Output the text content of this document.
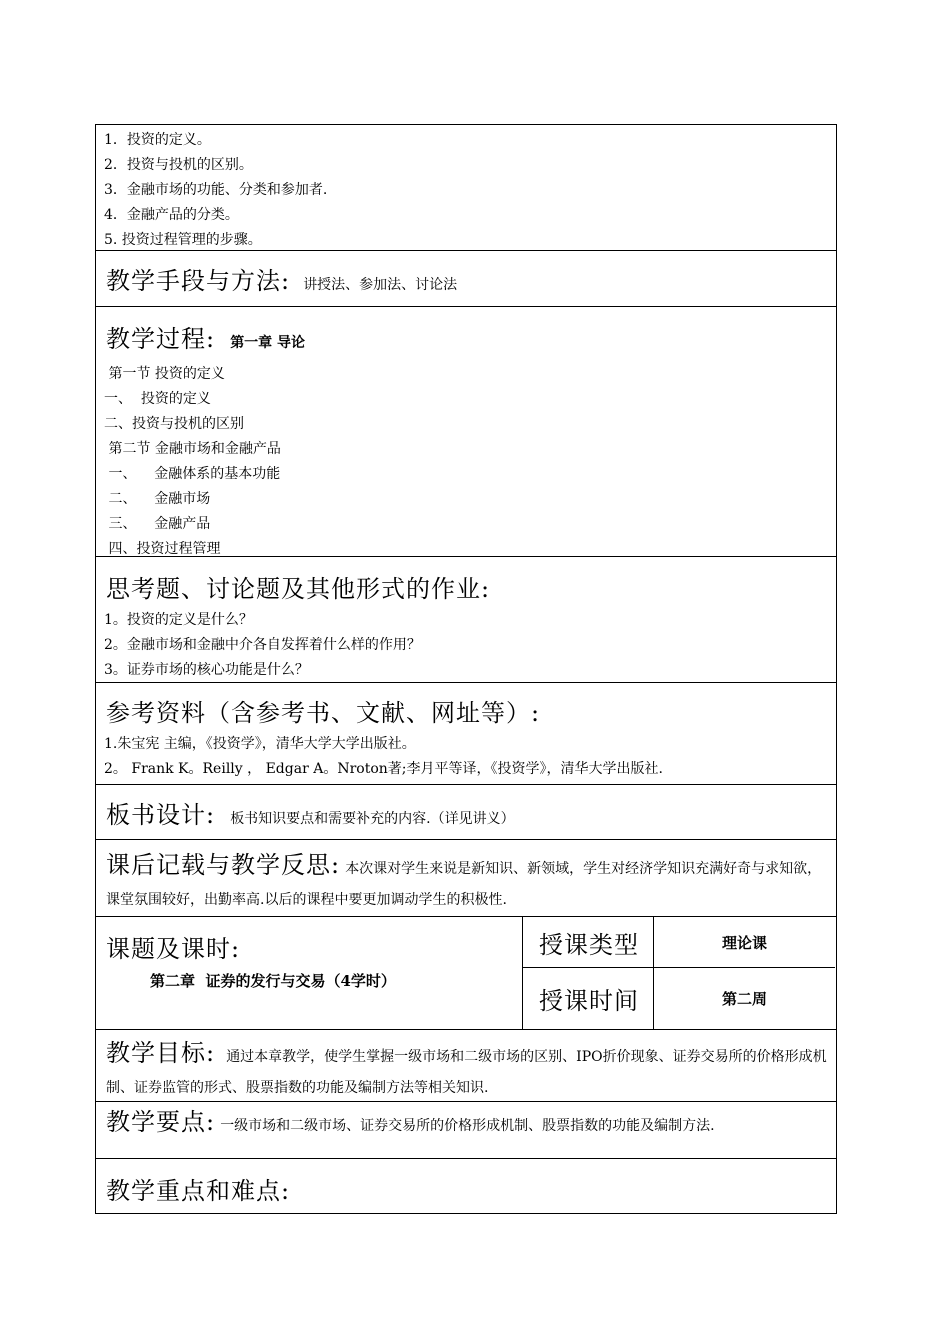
1．投资的定义。
2．投资与投机的区别。
3．金融市场的功能、分类和参加者.
4．金融产品的分类。
5. 投资过程管理的步骤。
教学手段与方法: 讲授法、参加法、讨论法
教学过程: 第一章 导论
第一节 投资的定义
一、  投资的定义
二、投资与投机的区别
第二节 金融市场和金融产品
一、    金融体系的基本功能
二、    金融市场
三、    金融产品
四、投资过程管理
思考题、讨论题及其他形式的作业:
1。投资的定义是什么？
2。金融市场和金融中介各自发挥着什么样的作用？
3。证券市场的核心功能是什么？
参考资料（含参考书、文献、网址等）:
1.朱宝宪 主编，《投资学》，清华大学大学出版社。
2。 Frank K。Reilly ， Edgar A。Nroton著;李月平等译，《投资学》，清华大学出版社.
板书设计: 板书知识要点和需要补充的内容.（详见讲义）
课后记载与教学反思: 本次课对学生来说是新知识、新领域，学生对经济学知识充满好奇与求知欲，课堂氛围较好，出勤率高.以后的课程中要更加调动学生的积极性.
课题及课时:
第二章  证券的发行与交易（4学时）
授课类型	理论课
授课时间	第二周
教学目标: 通过本章教学，使学生掌握一级市场和二级市场的区别、IPO折价现象、证券交易所的价格形成机制、证券监管的形式、股票指数的功能及编制方法等相关知识.
教学要点: 一级市场和二级市场、证券交易所的价格形成机制、股票指数的功能及编制方法.
教学重点和难点:
